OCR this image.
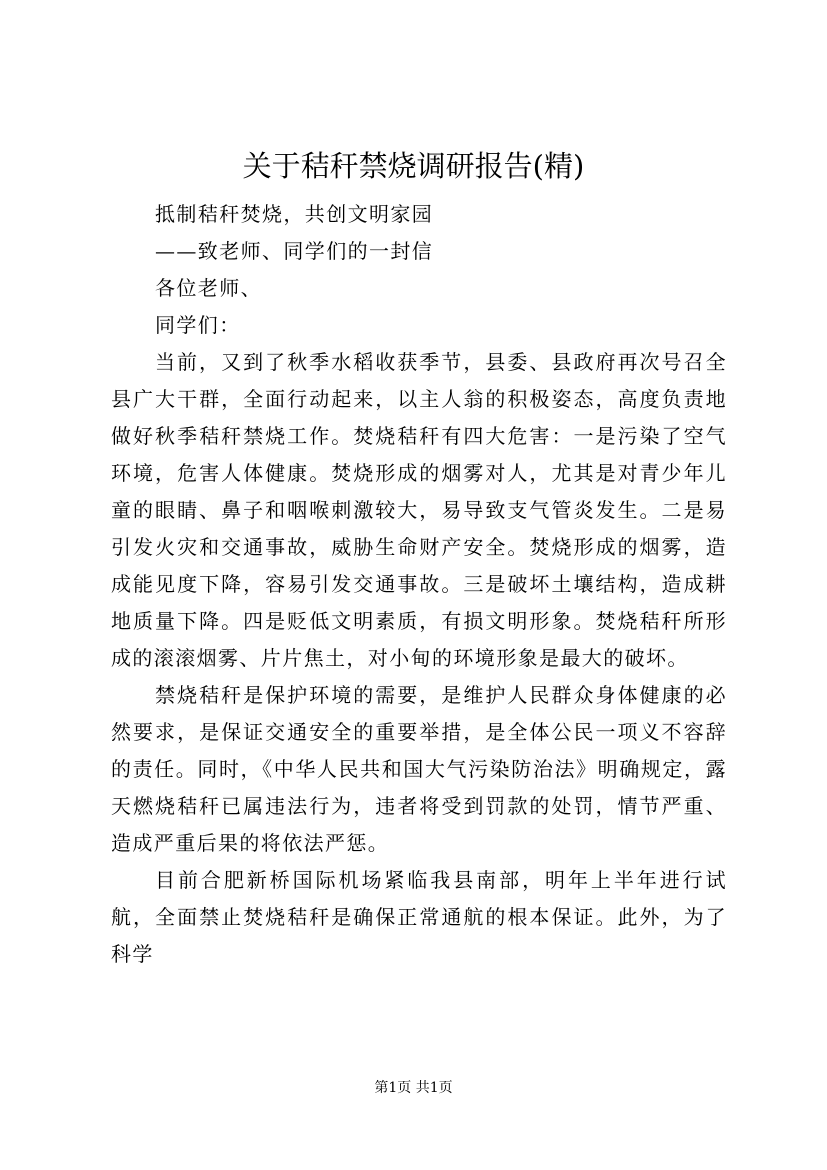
关于秸秆禁烧调研报告(精)

抵制秸秆焚烧，共创文明家园

——致老师、同学们的一封信

各位老师、

同学们：

当前，又到了秋季水稻收获季节，县委、县政府再次号召全县广大干群，全面行动起来，以主人翁的积极姿态，高度负责地做好秋季秸秆禁烧工作。焚烧秸秆有四大危害：一是污染了空气环境，危害人体健康。焚烧形成的烟雾对人，尤其是对青少年儿童的眼睛、鼻子和咽喉刺激较大，易导致支气管炎发生。二是易引发火灾和交通事故，威胁生命财产安全。焚烧形成的烟雾，造成能见度下降，容易引发交通事故。三是破坏土壤结构，造成耕地质量下降。四是贬低文明素质，有损文明形象。焚烧秸秆所形成的滚滚烟雾、片片焦土，对小甸的环境形象是最大的破坏。

禁烧秸秆是保护环境的需要，是维护人民群众身体健康的必然要求，是保证交通安全的重要举措，是全体公民一项义不容辞的责任。同时，《中华人民共和国大气污染防治法》明确规定，露天燃烧秸秆已属违法行为，违者将受到罚款的处罚，情节严重、造成严重后果的将依法严惩。

目前合肥新桥国际机场紧临我县南部，明年上半年进行试航，全面禁止焚烧秸秆是确保正常通航的根本保证。此外，为了科学

第1页 共1页
